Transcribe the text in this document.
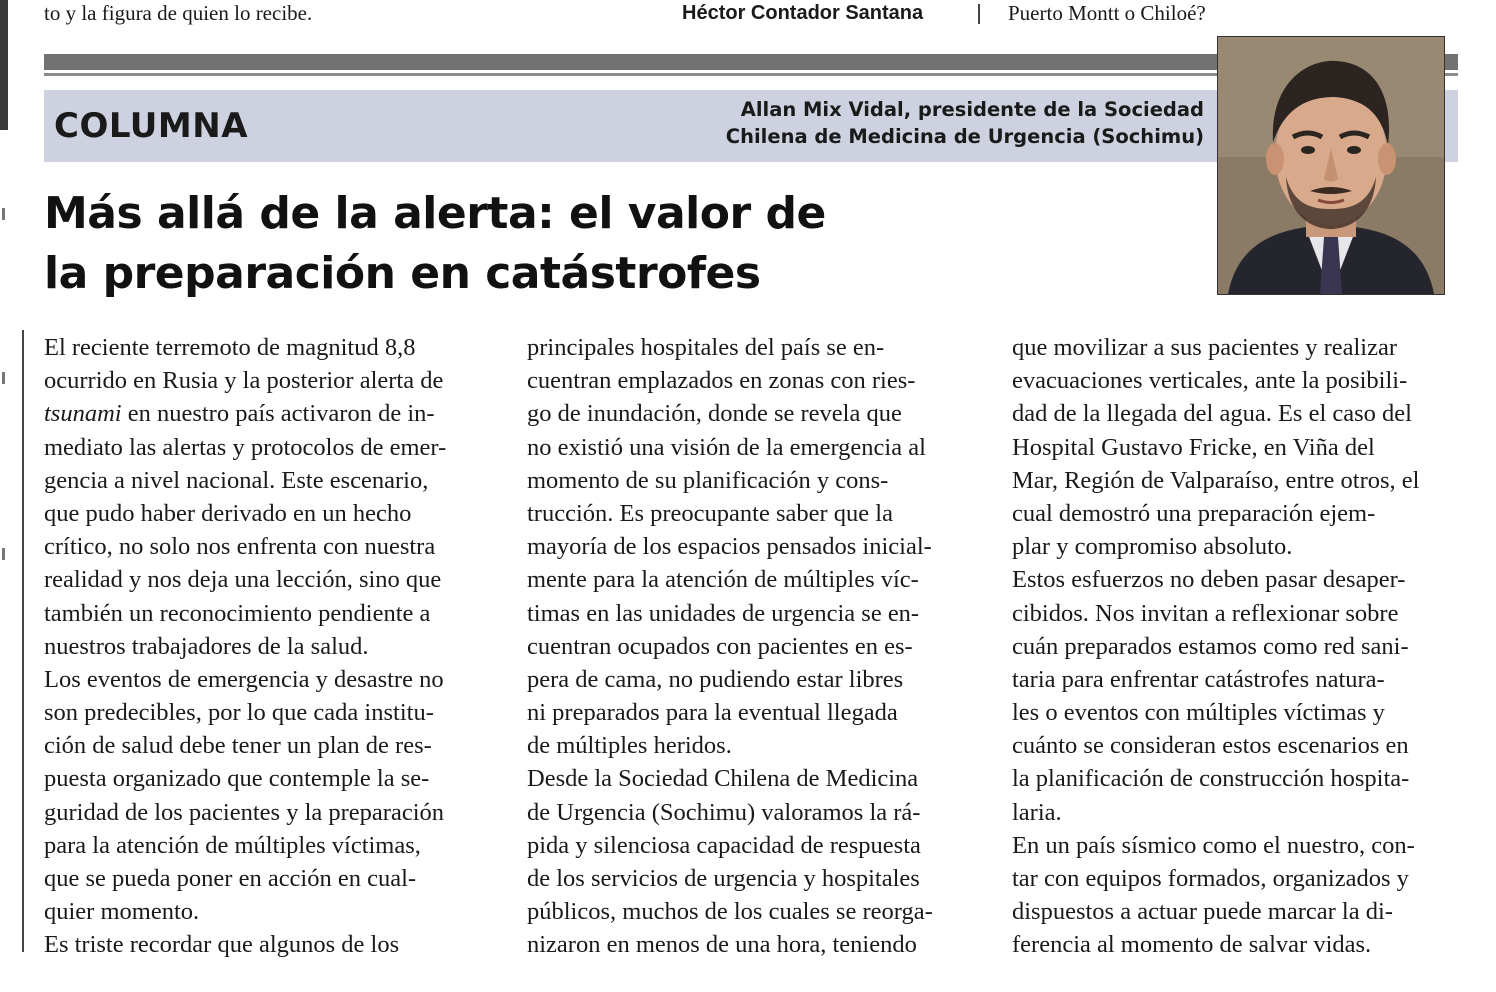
to y la figura de quien lo recibe.	Héctor Contador Santana	Puerto Montt o Chiloé?
COLUMNA	Allan Mix Vidal, presidente de la Sociedad
Chilena de Medicina de Urgencia (Sochimu)
Más allá de la alerta: el valor de
la preparación en catástrofes
El reciente terremoto de magnitud 8,8
ocurrido en Rusia y la posterior alerta de
tsunami en nuestro país activaron de in-
mediato las alertas y protocolos de emer-
gencia a nivel nacional. Este escenario,
que pudo haber derivado en un hecho
crítico, no solo nos enfrenta con nuestra
realidad y nos deja una lección, sino que
también un reconocimiento pendiente a
nuestros trabajadores de la salud.
Los eventos de emergencia y desastre no
son predecibles, por lo que cada institu-
ción de salud debe tener un plan de res-
puesta organizado que contemple la se-
guridad de los pacientes y la preparación
para la atención de múltiples víctimas,
que se pueda poner en acción en cual-
quier momento.
Es triste recordar que algunos de los
principales hospitales del país se en-
cuentran emplazados en zonas con ries-
go de inundación, donde se revela que
no existió una visión de la emergencia al
momento de su planificación y cons-
trucción. Es preocupante saber que la
mayoría de los espacios pensados inicial-
mente para la atención de múltiples víc-
timas en las unidades de urgencia se en-
cuentran ocupados con pacientes en es-
pera de cama, no pudiendo estar libres
ni preparados para la eventual llegada
de múltiples heridos.
Desde la Sociedad Chilena de Medicina
de Urgencia (Sochimu) valoramos la rá-
pida y silenciosa capacidad de respuesta
de los servicios de urgencia y hospitales
públicos, muchos de los cuales se reorga-
nizaron en menos de una hora, teniendo
que movilizar a sus pacientes y realizar
evacuaciones verticales, ante la posibili-
dad de la llegada del agua. Es el caso del
Hospital Gustavo Fricke, en Viña del
Mar, Región de Valparaíso, entre otros, el
cual demostró una preparación ejem-
plar y compromiso absoluto.
Estos esfuerzos no deben pasar desaper-
cibidos. Nos invitan a reflexionar sobre
cuán preparados estamos como red sani-
taria para enfrentar catástrofes natura-
les o eventos con múltiples víctimas y
cuánto se consideran estos escenarios en
la planificación de construcción hospita-
laria.
En un país sísmico como el nuestro, con-
tar con equipos formados, organizados y
dispuestos a actuar puede marcar la di-
ferencia al momento de salvar vidas.
